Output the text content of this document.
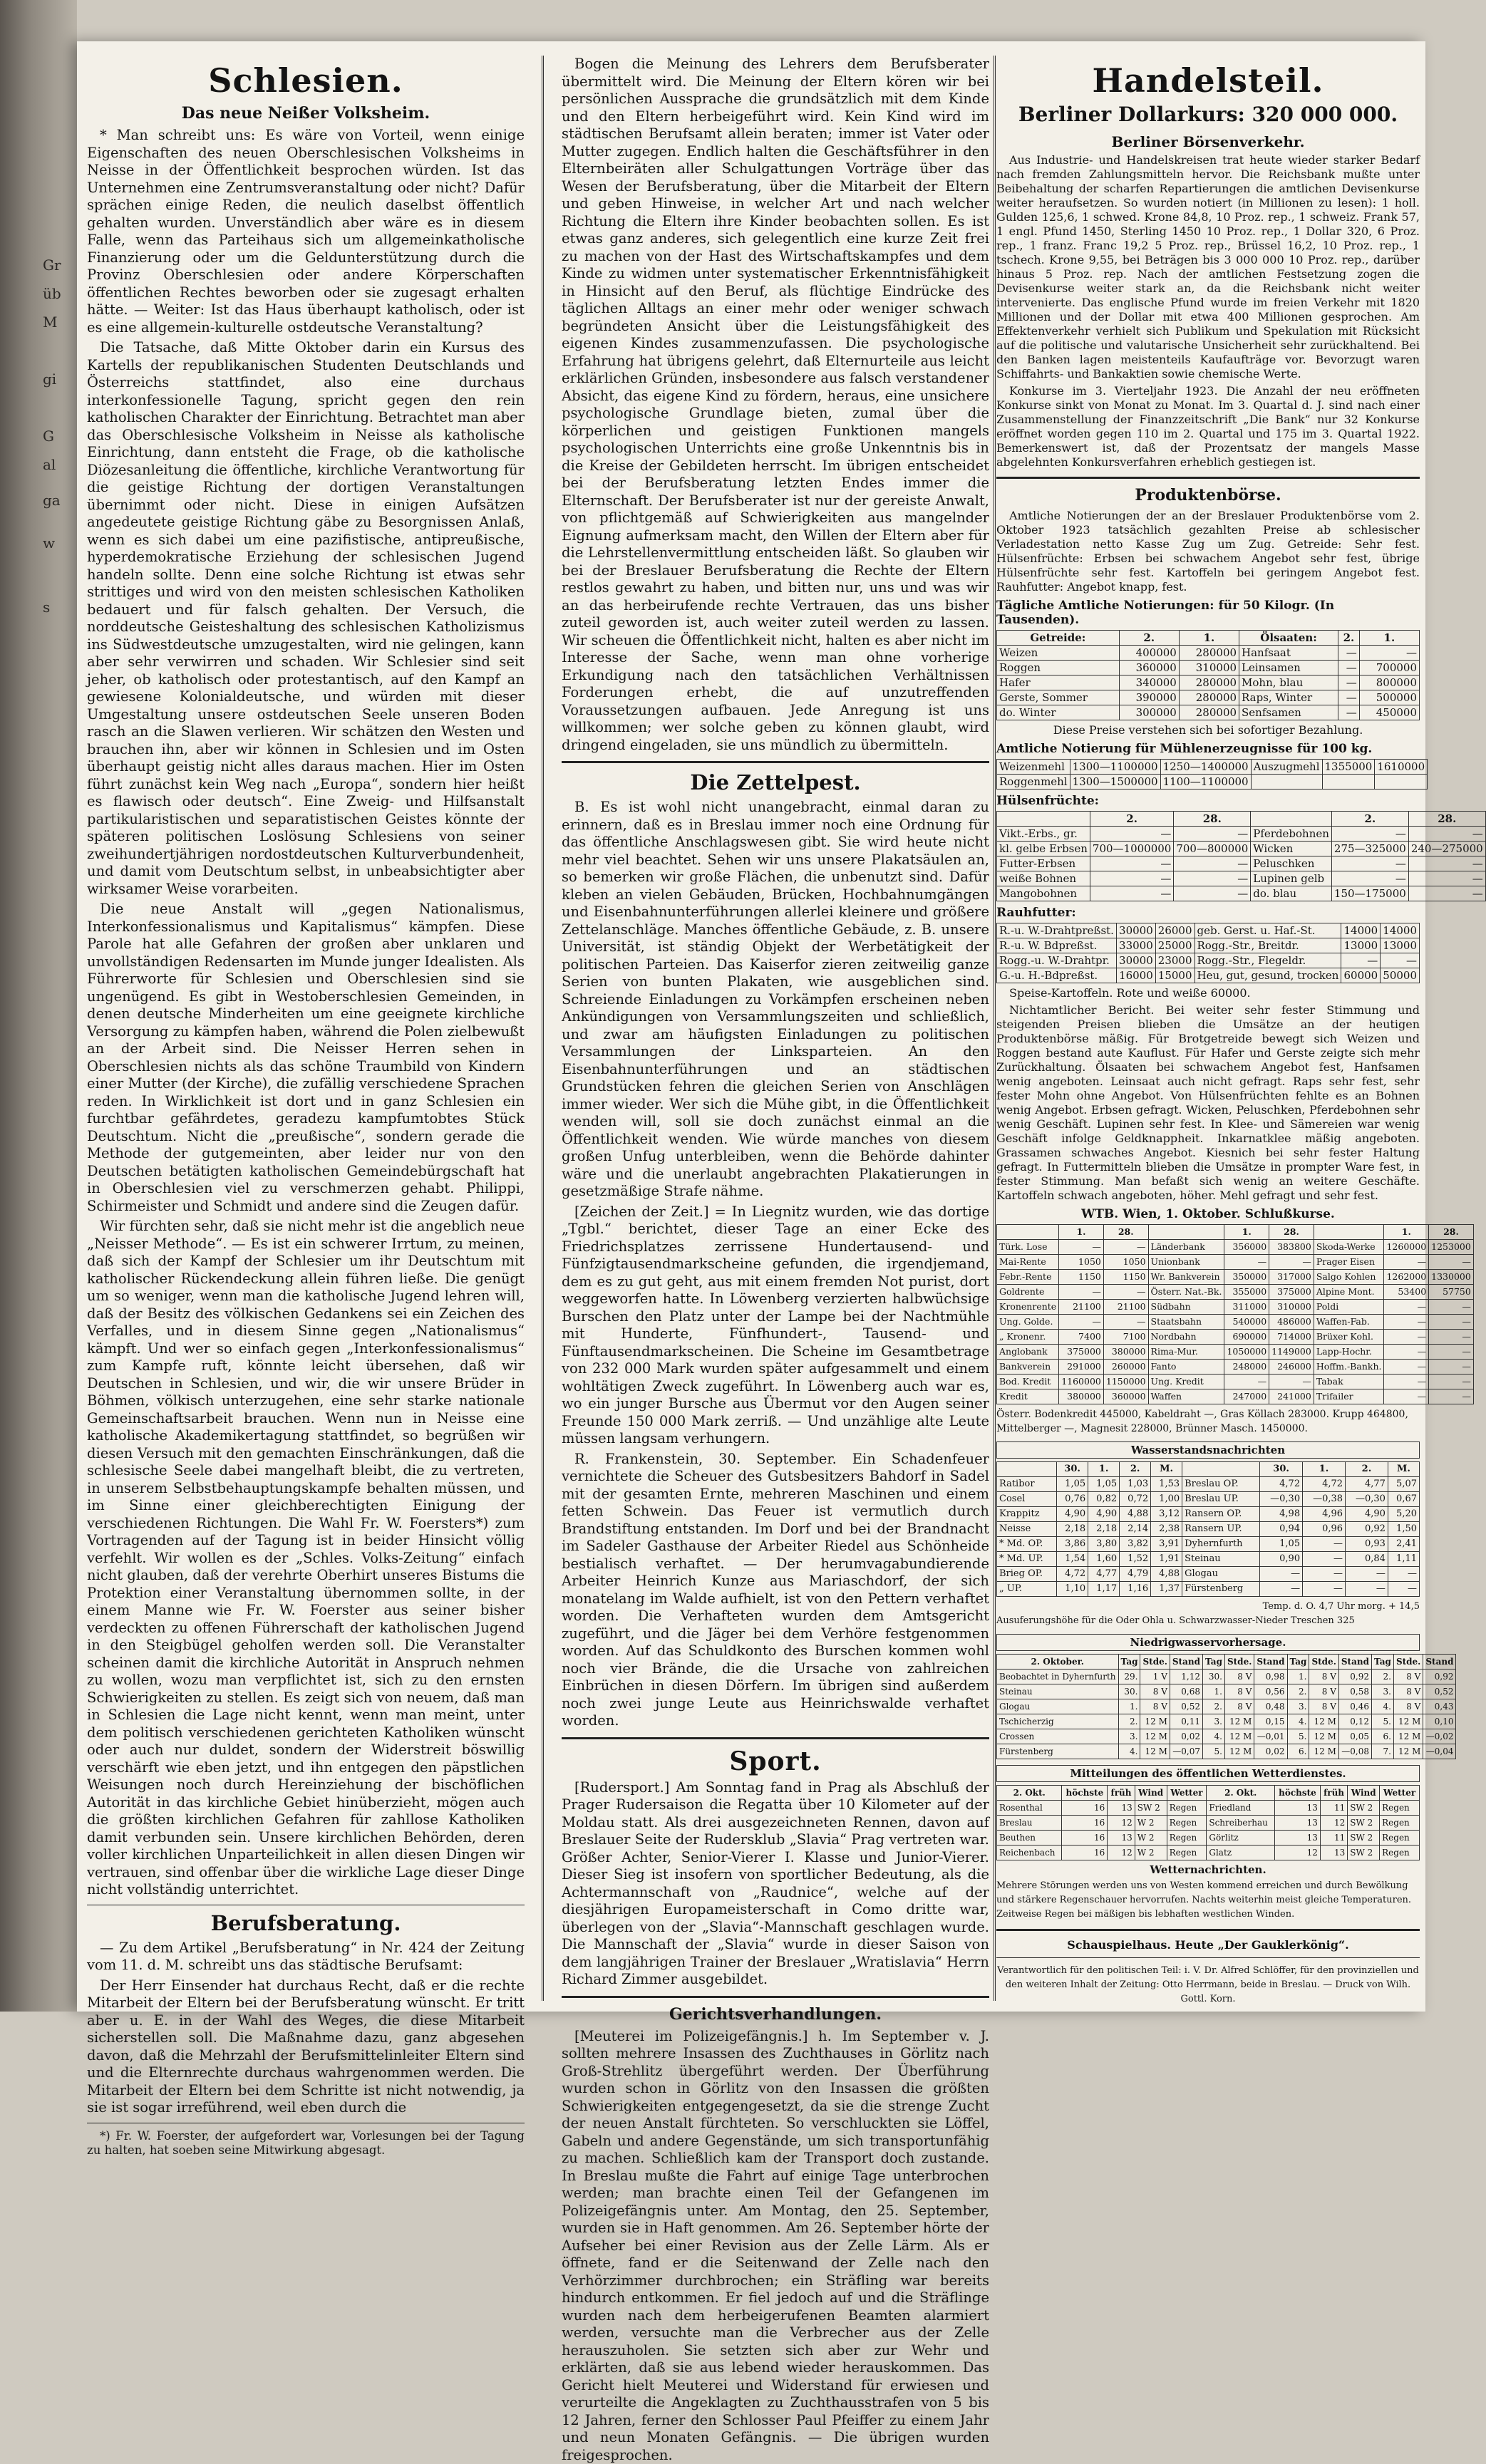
Gr
üb
M
gi
G
al
ga
w
s
Schlesien.
Das neue Neißer Volksheim.

* Man schreibt uns: Es wäre von Vorteil, wenn einige Eigenschaften des neuen Oberschlesischen Volksheims in Neisse in der Öffentlichkeit besprochen würden. Ist das Unternehmen eine Zentrumsveranstaltung oder nicht? Dafür sprächen einige Reden, die neulich daselbst öffentlich gehalten wurden. Unverständlich aber wäre es in diesem Falle, wenn das Parteihaus sich um allgemeinkatholische Finanzierung oder um die Geldunterstützung durch die Provinz Oberschlesien oder andere Körperschaften öffentlichen Rechtes beworben oder sie zugesagt erhalten hätte. — Weiter: Ist das Haus überhaupt katholisch, oder ist es eine allgemein-kulturelle ostdeutsche Veranstaltung?

Die Tatsache, daß Mitte Oktober darin ein Kursus des Kartells der republikanischen Studenten Deutschlands und Österreichs stattfindet, also eine durchaus interkonfessionelle Tagung, spricht gegen den rein katholischen Charakter der Einrichtung. Betrachtet man aber das Oberschlesische Volksheim in Neisse als katholische Einrichtung, dann entsteht die Frage, ob die katholische Diözesanleitung die öffentliche, kirchliche Verantwortung für die geistige Richtung der dortigen Veranstaltungen übernimmt oder nicht. Diese in einigen Aufsätzen angedeutete geistige Richtung gäbe zu Besorgnissen Anlaß, wenn es sich dabei um eine pazifistische, antipreußische, hyperdemokratische Erziehung der schlesischen Jugend handeln sollte. Denn eine solche Richtung ist etwas sehr strittiges und wird von den meisten schlesischen Katholiken bedauert und für falsch gehalten. Der Versuch, die norddeutsche Geisteshaltung des schlesischen Katholizismus ins Südwestdeutsche umzugestalten, wird nie gelingen, kann aber sehr verwirren und schaden. Wir Schlesier sind seit jeher, ob katholisch oder protestantisch, auf den Kampf an gewiesene Kolonialdeutsche, und würden mit dieser Umgestaltung unsere ostdeutschen Seele unseren Boden rasch an die Slawen verlieren. Wir schätzen den Westen und brauchen ihn, aber wir können in Schlesien und im Osten überhaupt geistig nicht alles daraus machen. Hier im Osten führt zunächst kein Weg nach „Europa“, sondern hier heißt es flawisch oder deutsch“. Eine Zweig- und Hilfsanstalt partikularistischen und separatistischen Geistes könnte der späteren politischen Loslösung Schlesiens von seiner zweihundertjährigen nordostdeutschen Kulturverbundenheit, und damit vom Deutschtum selbst, in unbeabsichtigter aber wirksamer Weise vorarbeiten.

Die neue Anstalt will „gegen Nationalismus, Interkonfessionalismus und Kapitalismus“ kämpfen. Diese Parole hat alle Gefahren der großen aber unklaren und unvollständigen Redensarten im Munde junger Idealisten. Als Führerworte für Schlesien und Oberschlesien sind sie ungenügend. Es gibt in Westoberschlesien Gemeinden, in denen deutsche Minderheiten um eine geeignete kirchliche Versorgung zu kämpfen haben, während die Polen zielbewußt an der Arbeit sind. Die Neisser Herren sehen in Oberschlesien nichts als das schöne Traumbild von Kindern einer Mutter (der Kirche), die zufällig verschiedene Sprachen reden. In Wirklichkeit ist dort und in ganz Schlesien ein furchtbar gefährdetes, geradezu kampfumtobtes Stück Deutschtum. Nicht die „preußische“, sondern gerade die Methode der gutgemeinten, aber leider nur von den Deutschen betätigten katholischen Gemeindebürgschaft hat in Oberschlesien viel zu verschmerzen gehabt. Philippi, Schirmeister und Schmidt und andere sind die Zeugen dafür.

Wir fürchten sehr, daß sie nicht mehr ist die angeblich neue „Neisser Methode“. — Es ist ein schwerer Irrtum, zu meinen, daß sich der Kampf der Schlesier um ihr Deutschtum mit katholischer Rückendeckung allein führen ließe. Die genügt um so weniger, wenn man die katholische Jugend lehren will, daß der Besitz des völkischen Gedankens sei ein Zeichen des Verfalles, und in diesem Sinne gegen „Nationalismus“ kämpft. Und wer so einfach gegen „Interkonfessionalismus“ zum Kampfe ruft, könnte leicht übersehen, daß wir Deutschen in Schlesien, und wir, die wir unsere Brüder in Böhmen, völkisch unterzugehen, eine sehr starke nationale Gemeinschaftsarbeit brauchen. Wenn nun in Neisse eine katholische Akademikertagung stattfindet, so begrüßen wir diesen Versuch mit den gemachten Einschränkungen, daß die schlesische Seele dabei mangelhaft bleibt, die zu vertreten, in unserem Selbstbehauptungskampfe behalten müssen, und im Sinne einer gleichberechtigten Einigung der verschiedenen Richtungen. Die Wahl Fr. W. Foersters*) zum Vortragenden auf der Tagung ist in beider Hinsicht völlig verfehlt. Wir wollen es der „Schles. Volks-Zeitung“ einfach nicht glauben, daß der verehrte Oberhirt unseres Bistums die Protektion einer Veranstaltung übernommen sollte, in der einem Manne wie Fr. W. Foerster aus seiner bisher verdeckten zu offenen Führerschaft der katholischen Jugend in den Steigbügel geholfen werden soll. Die Veranstalter scheinen damit die kirchliche Autorität in Anspruch nehmen zu wollen, wozu man verpflichtet ist, sich zu den ernsten Schwierigkeiten zu stellen. Es zeigt sich von neuem, daß man in Schlesien die Lage nicht kennt, wenn man meint, unter dem politisch verschiedenen gerichteten Katholiken wünscht oder auch nur duldet, sondern der Widerstreit böswillig verschärft wie eben jetzt, und ihn entgegen den päpstlichen Weisungen noch durch Hereinziehung der bischöflichen Autorität in das kirchliche Gebiet hinüberzieht, mögen auch die größten kirchlichen Gefahren für zahllose Katholiken damit verbunden sein. Unsere kirchlichen Behörden, deren voller kirchlichen Unparteilichkeit in allen diesen Dingen wir vertrauen, sind offenbar über die wirkliche Lage dieser Dinge nicht vollständig unterrichtet.

Berufsberatung.

— Zu dem Artikel „Berufsberatung“ in Nr. 424 der Zeitung vom 11. d. M. schreibt uns das städtische Berufsamt:

Der Herr Einsender hat durchaus Recht, daß er die rechte Mitarbeit der Eltern bei der Berufsberatung wünscht. Er tritt aber u. E. in der Wahl des Weges, die diese Mitarbeit sicherstellen soll. Die Maßnahme dazu, ganz abgesehen davon, daß die Mehrzahl der Berufsmittelinleiter Eltern sind und die Elternrechte durchaus wahrgenommen werden. Die Mitarbeit der Eltern bei dem Schritte ist nicht notwendig, ja sie ist sogar irreführend, weil eben durch die

*) Fr. W. Foerster, der aufgefordert war, Vorlesungen bei der Tagung zu halten, hat soeben seine Mitwirkung abgesagt.

Bogen die Meinung des Lehrers dem Berufsberater übermittelt wird. Die Meinung der Eltern kören wir bei persönlichen Aussprache die grundsätzlich mit dem Kinde und den Eltern herbeigeführt wird. Kein Kind wird im städtischen Berufsamt allein beraten; immer ist Vater oder Mutter zugegen. Endlich halten die Geschäftsführer in den Elternbeiräten aller Schulgattungen Vorträge über das Wesen der Berufsberatung, über die Mitarbeit der Eltern und geben Hinweise, in welcher Art und nach welcher Richtung die Eltern ihre Kinder beobachten sollen. Es ist etwas ganz anderes, sich gelegentlich eine kurze Zeit frei zu machen von der Hast des Wirtschaftskampfes und dem Kinde zu widmen unter systematischer Erkenntnisfähigkeit in Hinsicht auf den Beruf, als flüchtige Eindrücke des täglichen Alltags an einer mehr oder weniger schwach begründeten Ansicht über die Leistungsfähigkeit des eigenen Kindes zusammenzufassen. Die psychologische Erfahrung hat übrigens gelehrt, daß Elternurteile aus leicht erklärlichen Gründen, insbesondere aus falsch verstandener Absicht, das eigene Kind zu fördern, heraus, eine unsichere psychologische Grundlage bieten, zumal über die körperlichen und geistigen Funktionen mangels psychologischen Unterrichts eine große Unkenntnis bis in die Kreise der Gebildeten herrscht. Im übrigen entscheidet bei der Berufsberatung letzten Endes immer die Elternschaft. Der Berufsberater ist nur der gereiste Anwalt, von pflichtgemäß auf Schwierigkeiten aus mangelnder Eignung aufmerksam macht, den Willen der Eltern aber für die Lehrstellenvermittlung entscheiden läßt. So glauben wir bei der Breslauer Berufsberatung die Rechte der Eltern restlos gewahrt zu haben, und bitten nur, uns und was wir an das herbeirufende rechte Vertrauen, das uns bisher zuteil geworden ist, auch weiter zuteil werden zu lassen. Wir scheuen die Öffentlichkeit nicht, halten es aber nicht im Interesse der Sache, wenn man ohne vorherige Erkundigung nach den tatsächlichen Verhältnissen Forderungen erhebt, die auf unzutreffenden Voraussetzungen aufbauen. Jede Anregung ist uns willkommen; wer solche geben zu können glaubt, wird dringend eingeladen, sie uns mündlich zu übermitteln.

Die Zettelpest.

B. Es ist wohl nicht unangebracht, einmal daran zu erinnern, daß es in Breslau immer noch eine Ordnung für das öffentliche Anschlagswesen gibt. Sie wird heute nicht mehr viel beachtet. Sehen wir uns unsere Plakatsäulen an, so bemerken wir große Flächen, die unbenutzt sind. Dafür kleben an vielen Gebäuden, Brücken, Hochbahnumgängen und Eisenbahnunterführungen allerlei kleinere und größere Zettelanschläge. Manches öffentliche Gebäude, z. B. unsere Universität, ist ständig Objekt der Werbetätigkeit der politischen Parteien. Das Kaiserfor zieren zeitweilig ganze Serien von bunten Plakaten, wie ausgeblichen sind. Schreiende Einladungen zu Vorkämpfen erscheinen neben Ankündigungen von Versammlungszeiten und schließlich, und zwar am häufigsten Einladungen zu politischen Versammlungen der Linksparteien. An den Eisenbahnunterführungen und an städtischen Grundstücken fehren die gleichen Serien von Anschlägen immer wieder. Wer sich die Mühe gibt, in die Öffentlichkeit wenden will, soll sie doch zunächst einmal an die Öffentlichkeit wenden. Wie würde manches von diesem großen Unfug unterbleiben, wenn die Behörde dahinter wäre und die unerlaubt angebrachten Plakatierungen in gesetzmäßige Strafe nähme.

[Zeichen der Zeit.] = In Liegnitz wurden, wie das dortige „Tgbl.“ berichtet, dieser Tage an einer Ecke des Friedrichsplatzes zerrissene Hundertausend- und Fünfzigtausendmarkscheine gefunden, die irgendjemand, dem es zu gut geht, aus mit einem fremden Not purist, dort weggeworfen hatte. In Löwenberg verzierten halbwüchsige Burschen den Platz unter der Lampe bei der Nachtmühle mit Hunderte, Fünfhundert-, Tausend- und Fünftausendmarkscheinen. Die Scheine im Gesamtbetrage von 232 000 Mark wurden später aufgesammelt und einem wohltätigen Zweck zugeführt. In Löwenberg auch war es, wo ein junger Bursche aus Übermut vor den Augen seiner Freunde 150 000 Mark zerriß. — Und unzählige alte Leute müssen langsam verhungern.

R. Frankenstein, 30. September. Ein Schadenfeuer vernichtete die Scheuer des Gutsbesitzers Bahdorf in Sadel mit der gesamten Ernte, mehreren Maschinen und einem fetten Schwein. Das Feuer ist vermutlich durch Brandstiftung entstanden. Im Dorf und bei der Brandnacht im Sadeler Gasthause der Arbeiter Riedel aus Schönheide bestialisch verhaftet. — Der herumvagabundierende Arbeiter Heinrich Kunze aus Mariaschdorf, der sich monatelang im Walde aufhielt, ist von den Pettern verhaftet worden. Die Verhafteten wurden dem Amtsgericht zugeführt, und die Jäger bei dem Verhöre festgenommen worden. Auf das Schuldkonto des Burschen kommen wohl noch vier Brände, die die Ursache von zahlreichen Einbrüchen in diesen Dörfern. Im übrigen sind außerdem noch zwei junge Leute aus Heinrichswalde verhaftet worden.

Sport.

[Rudersport.] Am Sonntag fand in Prag als Abschluß der Prager Rudersaison die Regatta über 10 Kilometer auf der Moldau statt. Als drei ausgezeichneten Rennen, davon auf Breslauer Seite der Rudersklub „Slavia“ Prag vertreten war. Größer Achter, Senior-Vierer I. Klasse und Junior-Vierer. Dieser Sieg ist insofern von sportlicher Bedeutung, als die Achtermannschaft von „Raudnice“, welche auf der diesjährigen Europameisterschaft in Como dritte war, überlegen von der „Slavia“-Mannschaft geschlagen wurde. Die Mannschaft der „Slavia“ wurde in dieser Saison von dem langjährigen Trainer der Breslauer „Wratislavia“ Herrn Richard Zimmer ausgebildet.

Gerichtsverhandlungen.

[Meuterei im Polizeigefängnis.] h. Im September v. J. sollten mehrere Insassen des Zuchthauses in Görlitz nach Groß-Strehlitz übergeführt werden. Der Überführung wurden schon in Görlitz von den Insassen die größten Schwierigkeiten entgegengesetzt, da sie die strenge Zucht der neuen Anstalt fürchteten. So verschluckten sie Löffel, Gabeln und andere Gegenstände, um sich transportunfähig zu machen. Schließlich kam der Transport doch zustande. In Breslau mußte die Fahrt auf einige Tage unterbrochen werden; man brachte einen Teil der Gefangenen im Polizeigefängnis unter. Am Montag, den 25. September, wurden sie in Haft genommen. Am 26. September hörte der Aufseher bei einer Revision aus der Zelle Lärm. Als er öffnete, fand er die Seitenwand der Zelle nach den Verhörzimmer durchbrochen; ein Sträfling war bereits hindurch entkommen. Er fiel jedoch auf und die Sträflinge wurden nach dem herbeigerufenen Beamten alarmiert werden, versuchte man die Verbrecher aus der Zelle herauszuholen. Sie setzten sich aber zur Wehr und erklärten, daß sie aus lebend wieder herauskommen. Das Gericht hielt Meuterei und Widerstand für erwiesen und verurteilte die Angeklagten zu Zuchthausstrafen von 5 bis 12 Jahren, ferner den Schlosser Paul Pfeiffer zu einem Jahr und neun Monaten Gefängnis. — Die übrigen wurden freigesprochen.

Handelsteil.
Berliner Dollarkurs: 320 000 000.
Berliner Börsenverkehr.

Aus Industrie- und Handelskreisen trat heute wieder starker Bedarf nach fremden Zahlungsmitteln hervor. Die Reichsbank mußte unter Beibehaltung der scharfen Repartierungen die amtlichen Devisenkurse weiter heraufsetzen. So wurden notiert (in Millionen zu lesen): 1 holl. Gulden 125,6, 1 schwed. Krone 84,8, 10 Proz. rep., 1 schweiz. Frank 57, 1 engl. Pfund 1450, Sterling 1450 10 Proz. rep., 1 Dollar 320, 6 Proz. rep., 1 franz. Franc 19,2 5 Proz. rep., Brüssel 16,2, 10 Proz. rep., 1 tschech. Krone 9,55, bei Beträgen bis 3 000 000 10 Proz. rep., darüber hinaus 5 Proz. rep. Nach der amtlichen Festsetzung zogen die Devisenkurse weiter stark an, da die Reichsbank nicht weiter intervenierte. Das englische Pfund wurde im freien Verkehr mit 1820 Millionen und der Dollar mit etwa 400 Millionen gesprochen. Am Effektenverkehr verhielt sich Publikum und Spekulation mit Rücksicht auf die politische und valutarische Unsicherheit sehr zurückhaltend. Bei den Banken lagen meistenteils Kaufaufträge vor. Bevorzugt waren Schiffahrts- und Bankaktien sowie chemische Werte.

Konkurse im 3. Vierteljahr 1923. Die Anzahl der neu eröffneten Konkurse sinkt von Monat zu Monat. Im 3. Quartal d. J. sind nach einer Zusammenstellung der Finanzzeitschrift „Die Bank“ nur 32 Konkurse eröffnet worden gegen 110 im 2. Quartal und 175 im 3. Quartal 1922. Bemerkenswert ist, daß der Prozentsatz der mangels Masse abgelehnten Konkursverfahren erheblich gestiegen ist.

Produktenbörse.

Amtliche Notierungen der an der Breslauer Produktenbörse vom 2. Oktober 1923 tatsächlich gezahlten Preise ab schlesischer Verladestation netto Kasse Zug um Zug. Getreide: Sehr fest. Hülsenfrüchte: Erbsen bei schwachem Angebot sehr fest, übrige Hülsenfrüchte sehr fest. Kartoffeln bei geringem Angebot fest. Rauhfutter: Angebot knapp, fest.

Tägliche Amtliche Notierungen: für 50 Kilogr. (In Tausenden).
Getreide:	2.	1.	Ölsaaten:	2.	1.
Weizen	400000	280000	Hanfsaat	—	—
Roggen	360000	310000	Leinsamen	—	700000
Hafer	340000	280000	Mohn, blau	—	800000
Gerste, Sommer	390000	280000	Raps, Winter	—	500000
do. Winter	300000	280000	Senfsamen	—	450000
Diese Preise verstehen sich bei sofortiger Bezahlung.
Amtliche Notierung für Mühlenerzeugnisse für 100 kg.
Weizenmehl	1300—1100000	1250—1400000	Auszugmehl	1355000	1610000
Roggenmehl	1300—1500000	1100—1100000			
Hülsenfrüchte:
	2.	28.		2.	28.
Vikt.-Erbs., gr.	—	—	Pferdebohnen	—	—
kl. gelbe Erbsen	700—1000000	700—800000	Wicken	275—325000	240—275000
Futter-Erbsen	—	—	Peluschken	—	—
weiße Bohnen	—	—	Lupinen gelb	—	—
Mangobohnen	—	—	do. blau	150—175000	—
Rauhfutter:
R.-u. W.-Drahtpreßst.	30000	26000	geb. Gerst. u. Haf.-St.	14000	14000
R.-u. W. Bdpreßst.	33000	25000	Rogg.-Str., Breitdr.	13000	13000
Rogg.-u. W.-Drahtpr.	30000	23000	Rogg.-Str., Flegeldr.	—	—
G.-u. H.-Bdpreßst.	16000	15000	Heu, gut, gesund, trocken	60000	50000

Speise-Kartoffeln. Rote und weiße 60000.

Nichtamtlicher Bericht. Bei weiter sehr fester Stimmung und steigenden Preisen blieben die Umsätze an der heutigen Produktenbörse mäßig. Für Brotgetreide bewegt sich Weizen und Roggen bestand aute Kauflust. Für Hafer und Gerste zeigte sich mehr Zurückhaltung. Ölsaaten bei schwachem Angebot fest, Hanfsamen wenig angeboten. Leinsaat auch nicht gefragt. Raps sehr fest, sehr fester Mohn ohne Angebot. Von Hülsenfrüchten fehlte es an Bohnen wenig Angebot. Erbsen gefragt. Wicken, Peluschken, Pferdebohnen sehr wenig Geschäft. Lupinen sehr fest. In Klee- und Sämereien war wenig Geschäft infolge Geldknappheit. Inkarnatklee mäßig angeboten. Grassamen schwaches Angebot. Kiesnich bei sehr fester Haltung gefragt. In Futtermitteln blieben die Umsätze in prompter Ware fest, in fester Stimmung. Man befaßt sich wenig an weitere Geschäfte. Kartoffeln schwach angeboten, höher. Mehl gefragt und sehr fest.

WTB. Wien, 1. Oktober. Schlußkurse.
	1.	28.		1.	28.		1.	28.
Türk. Lose	—	—	Länderbank	356000	383800	Skoda-Werke	1260000	1253000
Mai-Rente	1050	1050	Unionbank	—	—	Prager Eisen	—	—
Febr.-Rente	1150	1150	Wr. Bankverein	350000	317000	Salgo Kohlen	1262000	1330000
Goldrente	—	—	Österr. Nat.-Bk.	355000	375000	Alpine Mont.	53400	57750
Kronenrente	21100	21100	Südbahn	311000	310000	Poldi	—	—
Ung. Golde.	—	—	Staatsbahn	540000	486000	Waffen-Fab.	—	—
„ Kronenr.	7400	7100	Nordbahn	690000	714000	Brüxer Kohl.	—	—
Anglobank	375000	380000	Rima-Mur.	1050000	1149000	Lapp-Hochr.	—	—
Bankverein	291000	260000	Fanto	248000	246000	Hoffm.-Bankh.	—	—
Bod. Kredit	1160000	1150000	Ung. Kredit	—	—	Tabak	—	—
Kredit	380000	360000	Waffen	247000	241000	Trifailer	—	—
Österr. Bodenkredit 445000, Kabeldraht —, Gras Köllach 283000. Krupp 464800, Mittelberger —, Magnesit 228000, Brünner Masch. 1450000.
Wasserstandsnachrichten
	30.	1.	2.	M.		30.	1.	2.	M.
Ratibor	1,05	1,05	1,03	1,53	Breslau OP.	4,72	4,72	4,77	5,07
Cosel	0,76	0,82	0,72	1,00	Breslau UP.	—0,30	—0,38	—0,30	0,67
Krappitz	4,90	4,90	4,88	3,12	Ransern OP.	4,98	4,96	4,90	5,20
Neisse	2,18	2,18	2,14	2,38	Ransern UP.	0,94	0,96	0,92	1,50
* Md. OP.	3,86	3,80	3,82	3,91	Dyhernfurth	1,05	—	0,93	2,41
* Md. UP.	1,54	1,60	1,52	1,91	Steinau	0,90	—	0,84	1,11
Brieg OP.	4,72	4,77	4,79	4,88	Glogau	—	—	—	—
„ UP.	1,10	1,17	1,16	1,37	Fürstenberg	—	—	—	—
Temp. d. O. 4,7 Uhr morg. + 14,5
Ausuferungshöhe für die Oder Ohla u. Schwarzwasser-Nieder Treschen 325
Niedrigwasservorhersage.
2. Oktober.	Tag	Stde.	Stand	Tag	Stde.	Stand	Tag	Stde.	Stand	Tag	Stde.	Stand
Beobachtet in Dyhernfurth	29.	1 V	1,12	30.	8 V	0,98	1.	8 V	0,92	2.	8 V	0,92
Steinau	30.	8 V	0,68	1.	8 V	0,56	2.	8 V	0,58	3.	8 V	0,52
Glogau	1.	8 V	0,52	2.	8 V	0,48	3.	8 V	0,46	4.	8 V	0,43
Tschicherzig	2.	12 M	0,11	3.	12 M	0,15	4.	12 M	0,12	5.	12 M	0,10
Crossen	3.	12 M	0,02	4.	12 M	—0,01	5.	12 M	0,05	6.	12 M	—0,02
Fürstenberg	4.	12 M	—0,07	5.	12 M	0,02	6.	12 M	—0,08	7.	12 M	—0,04
Mitteilungen des öffentlichen Wetterdienstes.
2. Okt.	höchste	früh	Wind	Wetter	2. Okt.	höchste	früh	Wind	Wetter
Rosenthal	16	13	SW 2	Regen	Friedland	13	11	SW 2	Regen
Breslau	16	12	W 2	Regen	Schreiberhau	13	12	SW 2	Regen
Beuthen	16	13	W 2	Regen	Görlitz	13	11	SW 2	Regen
Reichenbach	16	12	W 2	Regen	Glatz	12	13	SW 2	Regen
Wetternachrichten.
Mehrere Störungen werden uns von Westen kommend erreichen und durch Bewölkung und stärkere Regenschauer hervorrufen. Nachts weiterhin meist gleiche Temperaturen. Zeitweise Regen bei mäßigen bis lebhaften westlichen Winden.
Schauspielhaus. Heute „Der Gauklerkönig“.
Verantwortlich für den politischen Teil: i. V. Dr. Alfred Schlöffer, für den provinziellen und den weiteren Inhalt der Zeitung: Otto Herrmann, beide in Breslau. — Druck von Wilh. Gottl. Korn.
